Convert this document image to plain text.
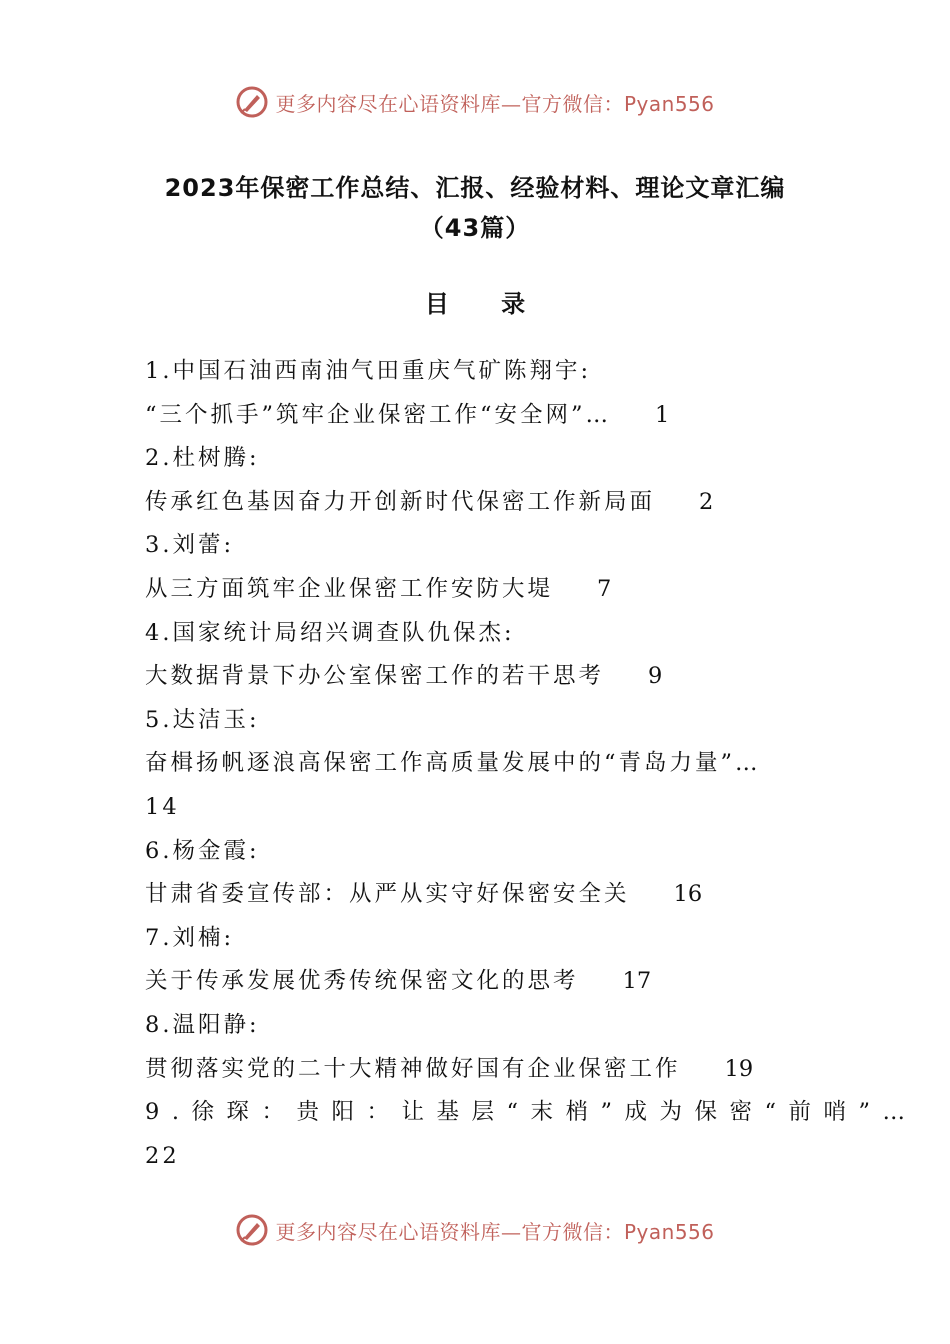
更多内容尽在心语资料库—官方微信：Pyan556
2023年保密工作总结、汇报、经验材料、理论文章汇编
（43篇）
目 录
1.中国石油西南油气田重庆气矿陈翔宇:
“三个抓手”筑牢企业保密工作“安全网”… 1
2.杜树腾:
传承红色基因奋力开创新时代保密工作新局面 2
3.刘蕾:
从三方面筑牢企业保密工作安防大堤 7
4.国家统计局绍兴调查队仇保杰:
大数据背景下办公室保密工作的若干思考 9
5.达洁玉:
奋楫扬帆逐浪高保密工作高质量发展中的“青岛力量”…
14
6.杨金霞:
甘肃省委宣传部：从严从实守好保密安全关 16
7.刘楠:
关于传承发展优秀传统保密文化的思考 17
8.温阳静:
贯彻落实党的二十大精神做好国有企业保密工作 19
9.徐琛：贵阳：让基层“末梢”成为保密“前哨”…
22
更多内容尽在心语资料库—官方微信：Pyan556
